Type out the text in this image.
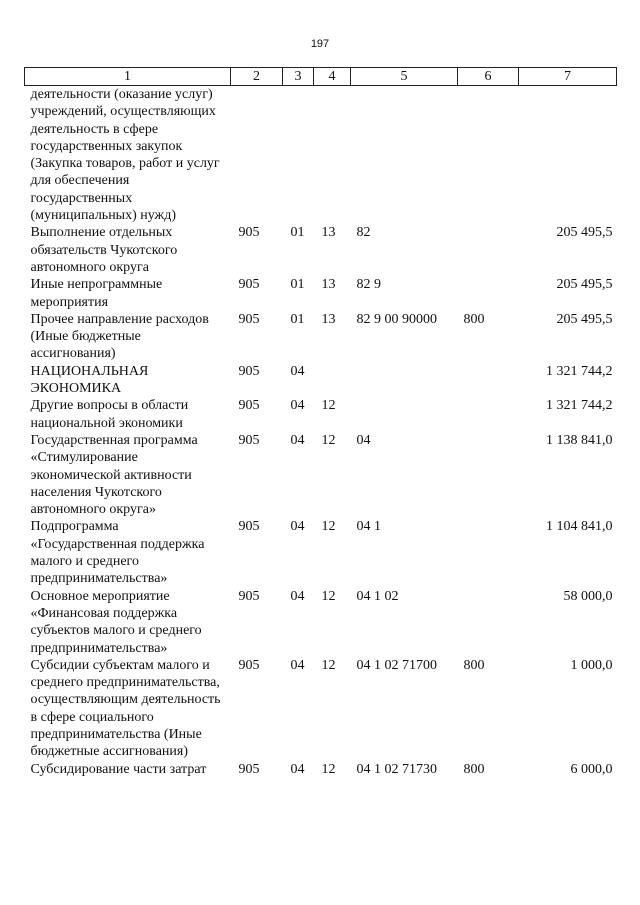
197
1	2	3	4	5	6	7
деятельности (оказание услуг) учреждений, осуществляющих деятельность в сфере государственных закупок (Закупка товаров, работ и услуг для обеспечения государственных (муниципальных) нужд)						
Выполнение отдельных обязательств Чукотского автономного округа	905	01	13	82		205 495,5
Иные непрограммные мероприятия	905	01	13	82 9		205 495,5
Прочее направление расходов (Иные бюджетные ассигнования)	905	01	13	82 9 00 90000	800	205 495,5
НАЦИОНАЛЬНАЯ ЭКОНОМИКА	905	04				1 321 744,2
Другие вопросы в области национальной экономики	905	04	12			1 321 744,2
Государственная программа «Стимулирование экономической активности населения Чукотского автономного округа»	905	04	12	04		1 138 841,0
Подпрограмма «Государственная поддержка малого и среднего предпринимательства»	905	04	12	04 1		1 104 841,0
Основное мероприятие «Финансовая поддержка субъектов малого и среднего предпринимательства»	905	04	12	04 1 02		58 000,0
Субсидии субъектам малого и среднего предпринимательства, осуществляющим деятельность в сфере социального предпринимательства (Иные бюджетные ассигнования)	905	04	12	04 1 02 71700	800	1 000,0
Субсидирование части затрат	905	04	12	04 1 02 71730	800	6 000,0
